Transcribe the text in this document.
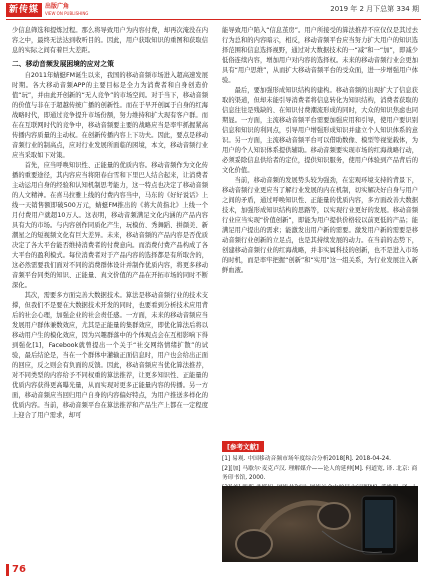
新传媒	出版广角
VIEW ON PUBLISHING
2019 年 2 月下总第 334 期

少信息筛选和提炼过程。那么将导致用户为内容付费，却再次淹没在内容之中，最终无法达到收听目的。因此，用户获取知识的重图和获取信息的实际之间有着巨大差距。

二、移动音频发展困境的应对之策

自2011年蜻蜓FM诞生以来，我国的移动音频市场进入超高速发展时期。各大移动音频APP的主要目标是全力为消费者和自身创造价值“玩”，并由此开创新的“无人竞争”的市场空间。对于当下，移动音频的价值与非在于超越传统广播的创新性。而在于早开创属于自身的红海战略时代，即通过竞争提升市场份额，努力维持和扩大现有客户群。而在在互联网时代的竞争中，移动音频要主要的战略应当是率牢抓握紧高传播内容质量的主动权。在创新传播内容上下功夫。因此，要点是移动音频行业的制高点，应对行业发展所面临的困境，本文，移动音频行业应当采取如下对策。

首先，应当呼唤知识性、正能量的优质内容。移动音频作为文化传播的重要途径，其内容应当将阳春白雪和下里巴人结合起来，让消费者主动运用自身的经验和认知机制思考能力，这一特点也决定了移动音频的人文精神。在喜马拉雅上线的付费内容当中，马东的《好好说话》上线一天销售额即破500万元，蜻蜓FM推出的《蒋大黄指北》上线一个月付费用户就超10万人。这表明，移动音频满足文化内涵的产品内容具有大的市场。与内容创作同质化产生，玩模仿、秀舞蹈、拼颜美、新潮星之的短视频文化有巨大差异。未来，移动音频的产品内容是否优质决定了各大平台能否维持消费者的付费意向。而消费付费产品构成了各大平台的盈利模式。每位消费者对于产品内容的选择都是有所取舍的，这必然需要我们面对不同的消费群体设计并制作优质内容，将更多移动音频平台同类的知识、正能量、真文价值的产品在开拓市场的同时不断深化。

其次，需要多方面完善大数据技术。算法是移动音频行业的技术支撑，但我们不是要在大数据技术开发的同时，也要看到分析技术应用背后的社会心理，加强企业的社会责任感。一方面，未来的移动音频应当发展用户群体兼数效应，尤其是正能量的集群效应，即优化算法后将以移动用户生的模化效应，因为兴趣群落中的个体观点会在互相影响下得到强化[1]，Facebook就曾提出一个关于“社交网络情绪扩散”的试验，最后结论是，当在一个群体中灌输正面信息时，用户也会给出正面的回应，反之则会有负面的反馈。因此，移动音频应当优化算法推荐，对不同类型的内容给予不同权重的算法推荐，让更多知识性、正能量的优质内容获得更高曝光量，从而实现对更多正能量内容的传播。另一方面，移动音频应当回归用户自身的内容偏好特点，为用户推送多样化的优质内容。当前，移动音频平台在算法推荐和产品生产上都在一定程度上迎合了用户需求，却可

能导致用户陷入“信息茧房”。用户所接受的算法推荐不应仅仅是其过去行为总和的内容暗示，相反，移动音频平台应当努力扩大用户的知识选择范围和信息选择视野，通过对大数据技术的一“减”和一“加”，即减少低俗连续内容，增加用户对内容的选择权。未来的移动音频行业会更加具有“用户思维”，从而扩大移动音频平台的受众面，进一步增强用户体验。

最后，要加强形成知识结构的建构。移动音频的出现扩大了信息获取的渠道，但却未能引导消费者将信息转化为知识结构，消费者获取的信息往往是残缺的、在知识付费潮流形成的同时，大众的知识焦虑也同期显。一方面，主流移动音频平台需要加强应用和引导，使用户要识别信息和知识的利同点，引导用户增强形成知识并建立个人知识体系的意识。另一方面，主流移动音频平台可以借助数像、模型等视觉载体，为用户的个人知识体系提供辅助。移动音频要实现市场的红海战略行动，必须妥除信息供给者的定位，提供知识服务，使用户体验到产品背后的文化价值。

当前，移动音频的发展势头较为强劲，在宏观环境支持的背景下，移动音频行业更应当了解行业发展的内在机制，切实解决好自身与用户之间的矛盾，通过呼唤知识性、正能量的优质内容，多方面改善大数据技术，加强形成知识结构的思路等，以实现行业更好的发展。移动音频行业应当实现“价值创新”，即能为用户提供价格较以前更低的产品；能满足用户提出的需求；能激发出用户新的需要。激发用户新的需要是移动音频行业创新的立足点，也是其持续发展的动力。在当前的态势下，创建移动音频行业的红海战略，并非实属科技的创新，也不是进入市场的时机，而是率牢把握“创新”和“实用”这一组关系，为行业发展注入新鲜血液。

[参考文献]
[1] 易观. 中国移动音频市场年度综合分析2018[R]. 2018-04-24.
[2][加] 马歇尔·麦克卢汉. 理解媒介——论人的延伸[M]. 何道宽, 译. 北京: 商务印书馆, 2000.
76
